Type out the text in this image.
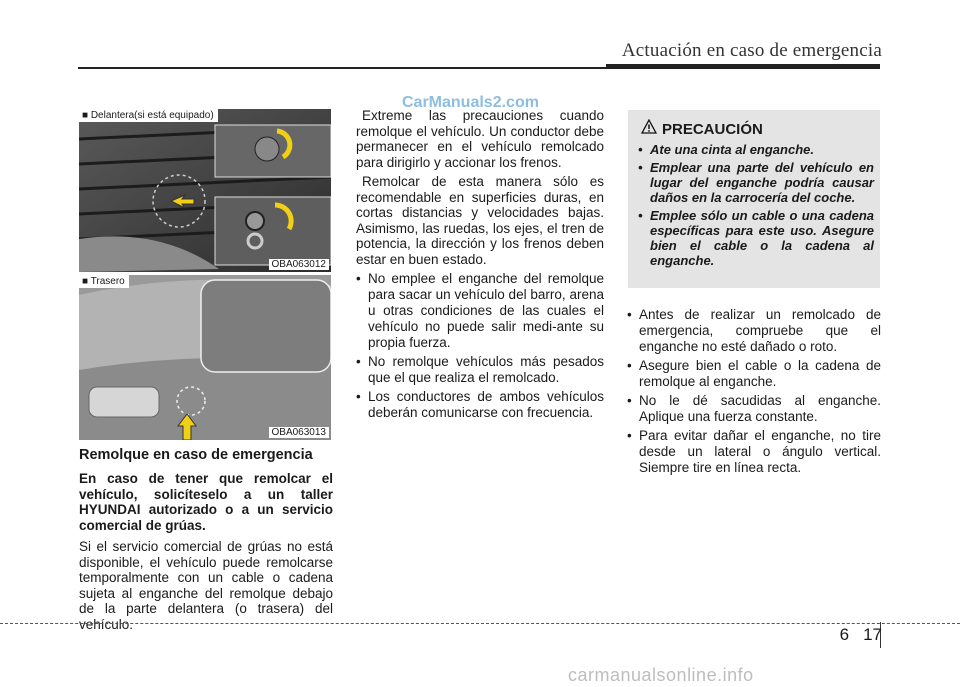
Actuación en caso de emergencia
CarManuals2.com
■ Delantera(si está equipado)
OBA063012
■ Trasero
OBA063013
Remolque en caso de emergencia

En caso de tener que remolcar el vehículo, solicíteselo a un taller HYUNDAI autorizado o a un servicio comercial de grúas.

Si el servicio comercial de grúas no está disponible, el vehículo puede remolcarse temporalmente con un cable o cadena sujeta al enganche del remolque debajo de la parte delantera (o trasera) del vehículo.

Extreme las precauciones cuando remolque el vehículo. Un conductor debe permanecer en el vehículo remolcado para dirigirlo y accionar los frenos.

Remolcar de esta manera sólo es recomendable en superficies duras, en cortas distancias y velocidades bajas. Asimismo, las ruedas, los ejes, el tren de potencia, la dirección y los frenos deben estar en buen estado.

• No emplee el enganche del remolque para sacar un vehículo del barro, arena u otras condiciones de las cuales el vehículo no puede salir medi-ante su propia fuerza.
• No remolque vehículos más pesados que el que realiza el remolcado.
• Los conductores de ambos vehículos deberán comunicarse con frecuencia.
PRECAUCIÓN
• Ate una cinta al enganche.
• Emplear una parte del vehículo en lugar del enganche podría causar daños en la carrocería del coche.
• Emplee sólo un cable o una cadena específicas para este uso. Asegure bien el cable o la cadena al enganche.
• Antes de realizar un remolcado de emergencia, compruebe que el enganche no esté dañado o roto.
• Asegure bien el cable o la cadena de remolque al enganche.
• No le dé sacudidas al enganche. Aplique una fuerza constante.
• Para evitar dañar el enganche, no tire desde un lateral o ángulo vertical. Siempre tire en línea recta.
6 17
carmanualsonline.info
